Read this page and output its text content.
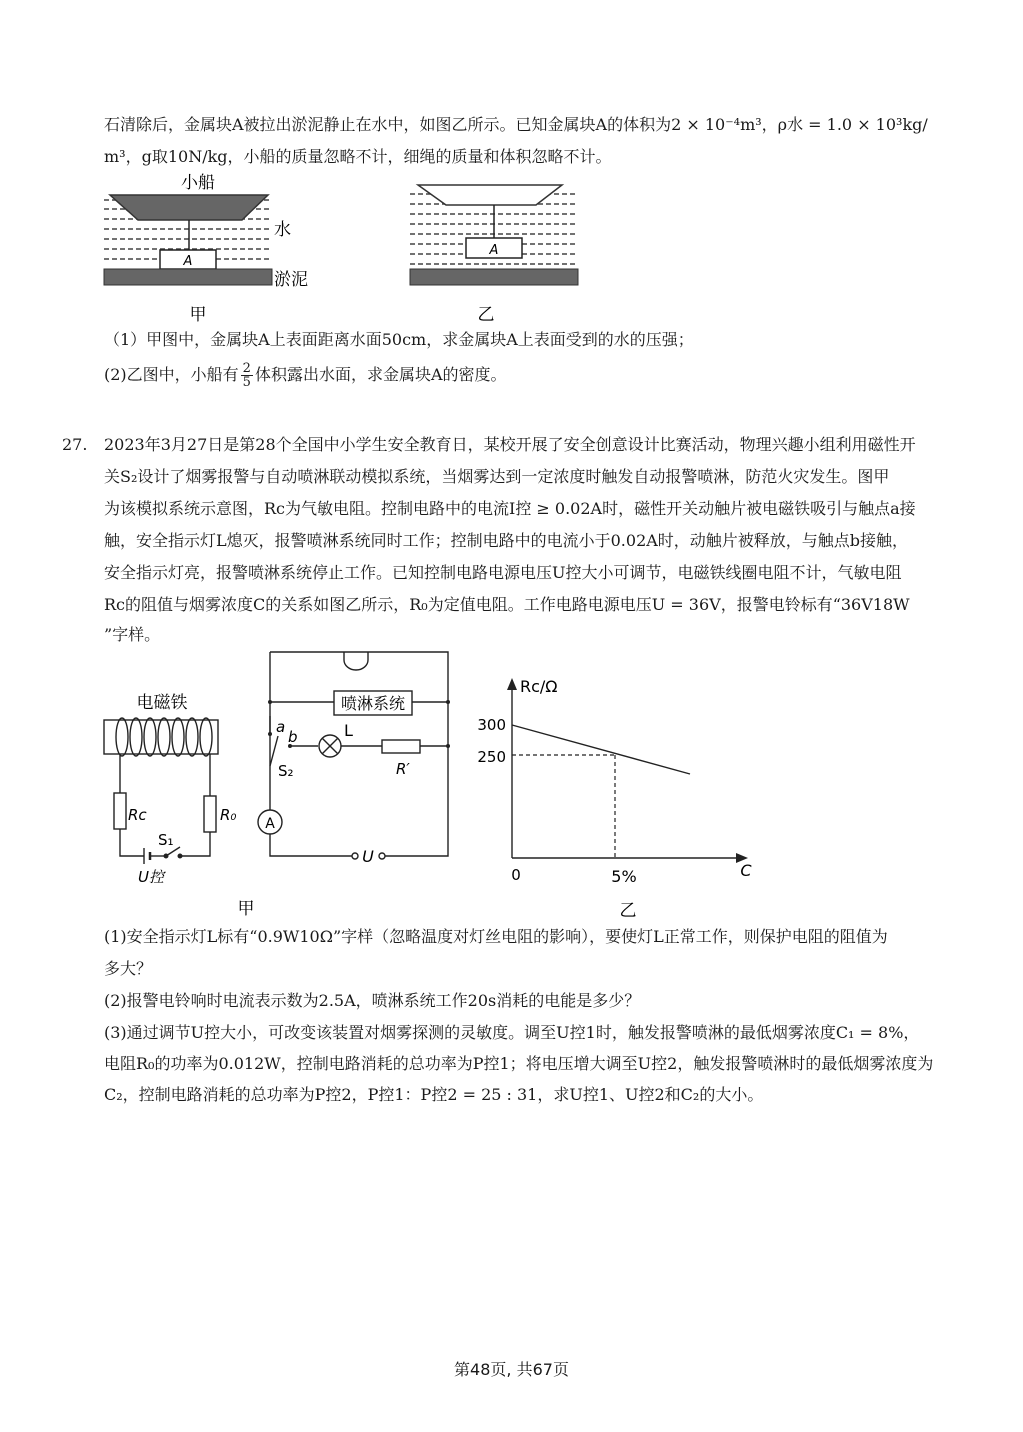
石清除后，金属块A被拉出淤泥静止在水中，如图乙所示。已知金属块A的体积为2 × 10⁻⁴m³，ρ水 = 1.0 × 10³kg/
m³，g取10N/kg，小船的质量忽略不计，细绳的质量和体积忽略不计。
A
小船
水
淤泥
甲
A
乙
（1）甲图中，金属块A上表面距离水面50cm，求金属块A上表面受到的水的压强；
(2)乙图中，小船有 $\frac{2}{5}$ 体积露出水面，求金属块A的密度。
27. 2023年3月27日是第28个全国中小学生安全教育日，某校开展了安全创意设计比赛活动，物理兴趣小组利用磁性开
关S₂设计了烟雾报警与自动喷淋联动模拟系统，当烟雾达到一定浓度时触发自动报警喷淋，防范火灾发生。图甲
为该模拟系统示意图，Rc为气敏电阻。控制电路中的电流I控 ≥ 0.02A时，磁性开关动触片被电磁铁吸引与触点a接
触，安全指示灯L熄灭，报警喷淋系统同时工作；控制电路中的电流小于0.02A时，动触片被释放，与触点b接触，
安全指示灯亮，报警喷淋系统停止工作。已知控制电路电源电压U控大小可调节，电磁铁线圈电阻不计，气敏电阻
Rc的阻值与烟雾浓度C的关系如图乙所示，R₀为定值电阻。工作电路电源电压U = 36V，报警电铃标有“36V18W
”字样。
电磁铁
Rc	R₀
S₁
U控
喷淋系统
a
b	L
S₂	R′
A
U
甲
Rc/Ω
300
250
0	5%	C
乙
(1)安全指示灯L标有“0.9W10Ω”字样（忽略温度对灯丝电阻的影响），要使灯L正常工作，则保护电阻的阻值为
多大？
(2)报警电铃响时电流表示数为2.5A，喷淋系统工作20s消耗的电能是多少？
(3)通过调节U控大小，可改变该装置对烟雾探测的灵敏度。调至U控1时，触发报警喷淋的最低烟雾浓度C₁ = 8%，
电阻R₀的功率为0.012W，控制电路消耗的总功率为P控1；将电压增大调至U控2，触发报警喷淋时的最低烟雾浓度为
C₂，控制电路消耗的总功率为P控2，P控1：P控2 = 25 : 31，求U控1、U控2和C₂的大小。
第48页, 共67页
